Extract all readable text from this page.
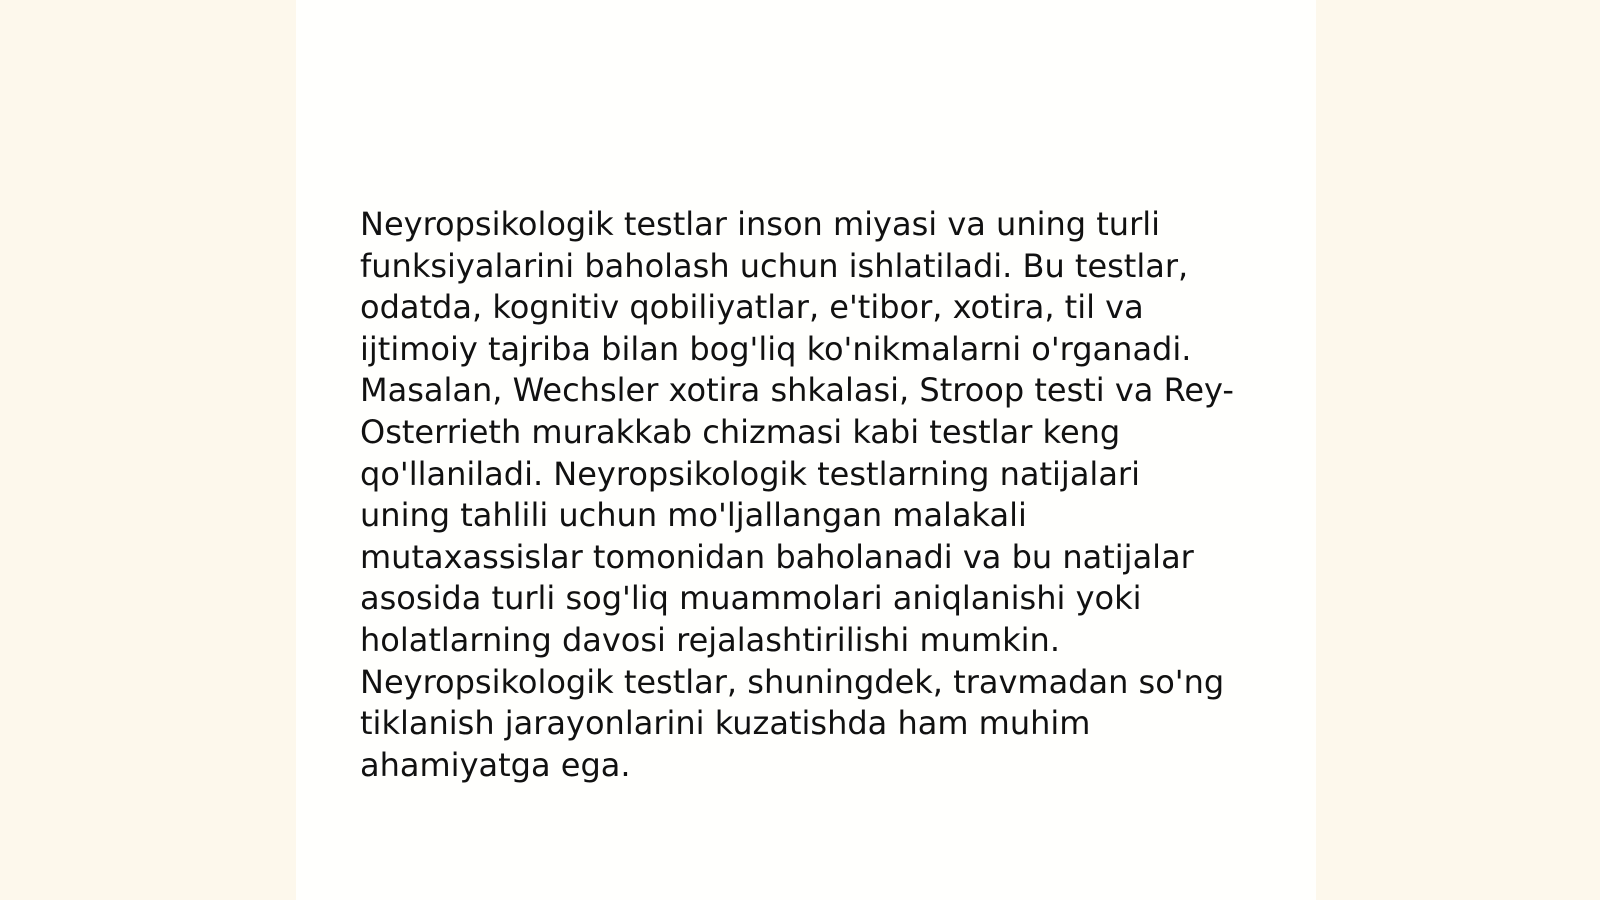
Neyropsikologik testlar inson miyasi va uning turli
funksiyalarini baholash uchun ishlatiladi. Bu testlar,
odatda, kognitiv qobiliyatlar, e'tibor, xotira, til va
ijtimoiy tajriba bilan bog'liq ko'nikmalarni o'rganadi.
Masalan, Wechsler xotira shkalasi, Stroop testi va Rey-
Osterrieth murakkab chizmasi kabi testlar keng
qo'llaniladi. Neyropsikologik testlarning natijalari
uning tahlili uchun mo'ljallangan malakali
mutaxassislar tomonidan baholanadi va bu natijalar
asosida turli sog'liq muammolari aniqlanishi yoki
holatlarning davosi rejalashtirilishi mumkin.
Neyropsikologik testlar, shuningdek, travmadan so'ng
tiklanish jarayonlarini kuzatishda ham muhim
ahamiyatga ega.
